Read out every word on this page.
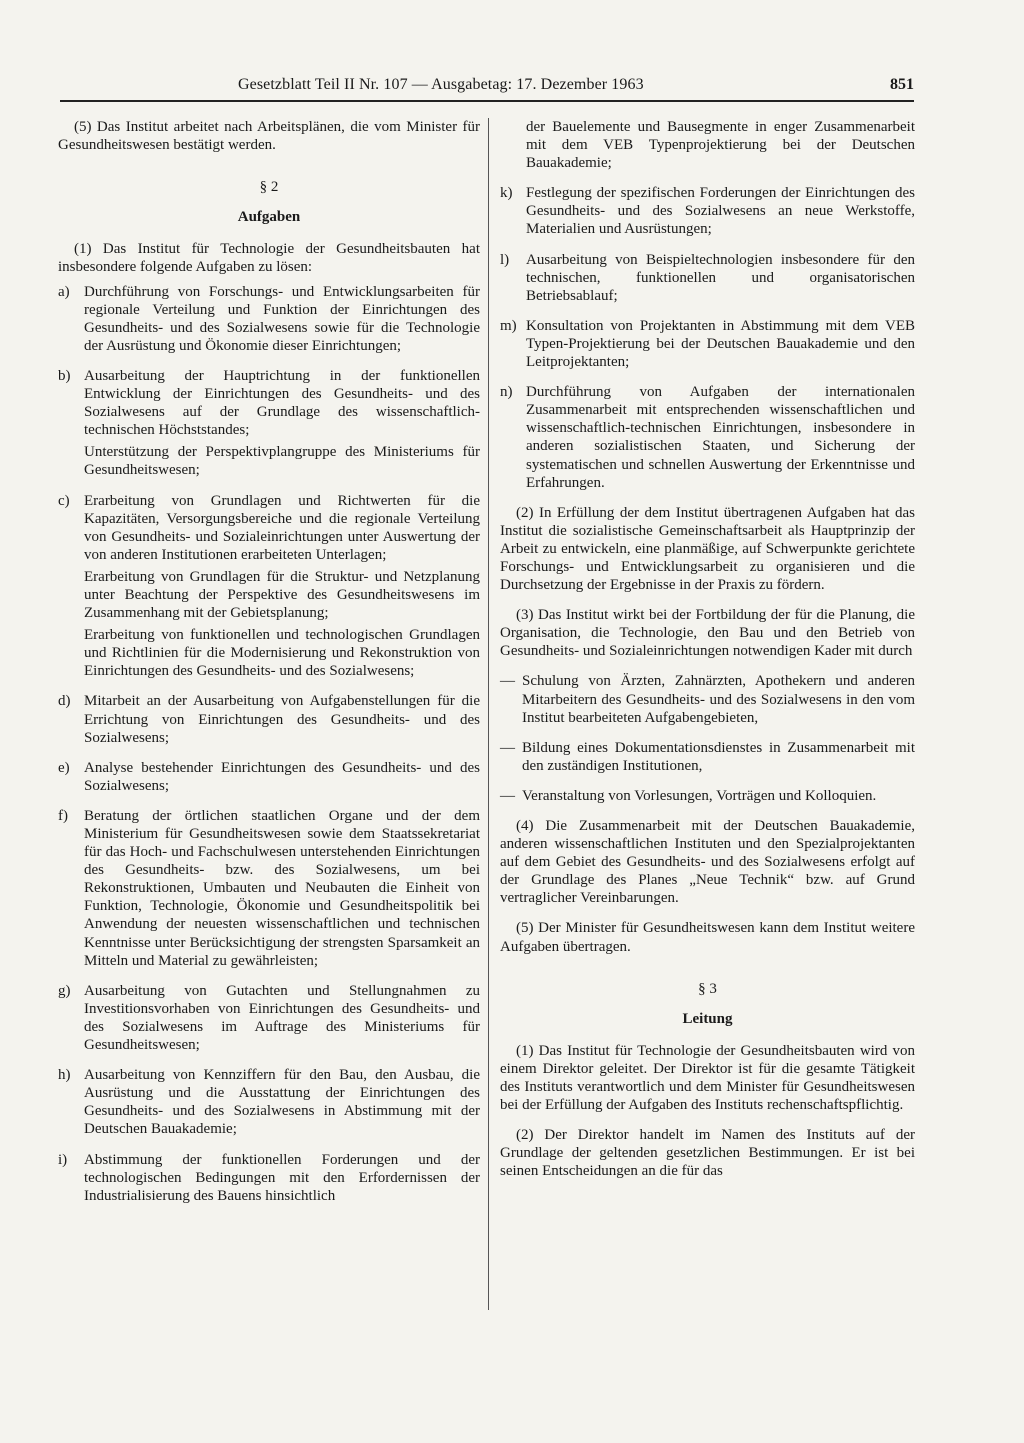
Gesetzblatt Teil II Nr. 107 — Ausgabetag: 17. Dezember 1963	851

(5) Das Institut arbeitet nach Arbeitsplänen, die vom Minister für Gesundheitswesen bestätigt werden.

§ 2
Aufgaben

(1) Das Institut für Technologie der Gesundheitsbauten hat insbesondere folgende Aufgaben zu lösen:

a) Durchführung von Forschungs- und Entwicklungsarbeiten für regionale Verteilung und Funktion der Einrichtungen des Gesundheits- und des Sozialwesens sowie für die Technologie der Ausrüstung und Ökonomie dieser Einrichtungen;
b) Ausarbeitung der Hauptrichtung in der funktionellen Entwicklung der Einrichtungen des Gesundheits- und des Sozialwesens auf der Grundlage des wissenschaftlich-technischen Höchststandes;

Unterstützung der Perspektivplangruppe des Ministeriums für Gesundheitswesen;

c) Erarbeitung von Grundlagen und Richtwerten für die Kapazitäten, Versorgungsbereiche und die regionale Verteilung von Gesundheits- und Sozialeinrichtungen unter Auswertung der von anderen Institutionen erarbeiteten Unterlagen;

Erarbeitung von Grundlagen für die Struktur- und Netzplanung unter Beachtung der Perspektive des Gesundheitswesens im Zusammenhang mit der Gebietsplanung;

Erarbeitung von funktionellen und technologischen Grundlagen und Richtlinien für die Modernisierung und Rekonstruktion von Einrichtungen des Gesundheits- und des Sozialwesens;

d) Mitarbeit an der Ausarbeitung von Aufgabenstellungen für die Errichtung von Einrichtungen des Gesundheits- und des Sozialwesens;
e) Analyse bestehender Einrichtungen des Gesundheits- und des Sozialwesens;
f)	Beratung der örtlichen staatlichen Organe und der dem Ministerium für Gesundheitswesen sowie dem Staatssekretariat für das Hoch- und Fachschulwesen unterstehenden Einrichtungen des Gesundheits- bzw. des Sozialwesens, um bei Rekonstruktionen, Umbauten und Neubauten die Einheit von Funktion, Technologie, Ökonomie und Gesundheitspolitik bei Anwendung der neuesten wissenschaftlichen und technischen Kenntnisse unter Berücksichtigung der strengsten Sparsamkeit an Mitteln und Material zu gewährleisten;
g) Ausarbeitung von Gutachten und Stellungnahmen zu Investitionsvorhaben von Einrichtungen des Gesundheits- und des Sozialwesens im Auftrage des Ministeriums für Gesundheitswesen;
h) Ausarbeitung von Kennziffern für den Bau, den Ausbau, die Ausrüstung und die Ausstattung der Einrichtungen des Gesundheits- und des Sozialwesens in Abstimmung mit der Deutschen Bauakademie;
i)	Abstimmung der funktionellen Forderungen und der technologischen Bedingungen mit den Erfordernissen der Industrialisierung des Bauens hinsichtlich

der Bauelemente und Bausegmente in enger Zusammenarbeit mit dem VEB Typenprojektierung bei der Deutschen Bauakademie;

k) Festlegung der spezifischen Forderungen der Einrichtungen des Gesundheits- und des Sozialwesens an neue Werkstoffe, Materialien und Ausrüstungen;
l)	Ausarbeitung von Beispieltechnologien insbesondere für den technischen, funktionellen und organisatorischen Betriebsablauf;
m) Konsultation von Projektanten in Abstimmung mit dem VEB Typen-Projektierung bei der Deutschen Bauakademie und den Leitprojektanten;
n) Durchführung von Aufgaben der internationalen Zusammenarbeit mit entsprechenden wissenschaftlichen und wissenschaftlich-technischen Einrichtungen, insbesondere in anderen sozialistischen Staaten, und Sicherung der systematischen und schnellen Auswertung der Erkenntnisse und Erfahrungen.

(2) In Erfüllung der dem Institut übertragenen Aufgaben hat das Institut die sozialistische Gemeinschaftsarbeit als Hauptprinzip der Arbeit zu entwickeln, eine planmäßige, auf Schwerpunkte gerichtete Forschungs- und Entwicklungsarbeit zu organisieren und die Durchsetzung der Ergebnisse in der Praxis zu fördern.

(3) Das Institut wirkt bei der Fortbildung der für die Planung, die Organisation, die Technologie, den Bau und den Betrieb von Gesundheits- und Sozialeinrichtungen notwendigen Kader mit durch

— Schulung von Ärzten, Zahnärzten, Apothekern und anderen Mitarbeitern des Gesundheits- und des Sozialwesens in den vom Institut bearbeiteten Aufgabengebieten,
— Bildung eines Dokumentationsdienstes in Zusammenarbeit mit den zuständigen Institutionen,
— Veranstaltung von Vorlesungen, Vorträgen und Kolloquien.

(4) Die Zusammenarbeit mit der Deutschen Bauakademie, anderen wissenschaftlichen Instituten und den Spezialprojektanten auf dem Gebiet des Gesundheits- und des Sozialwesens erfolgt auf der Grundlage des Planes „Neue Technik“ bzw. auf Grund vertraglicher Vereinbarungen.

(5) Der Minister für Gesundheitswesen kann dem Institut weitere Aufgaben übertragen.

§ 3
Leitung

(1) Das Institut für Technologie der Gesundheitsbauten wird von einem Direktor geleitet. Der Direktor ist für die gesamte Tätigkeit des Instituts verantwortlich und dem Minister für Gesundheitswesen bei der Erfüllung der Aufgaben des Instituts rechenschaftspflichtig.

(2) Der Direktor handelt im Namen des Instituts auf der Grundlage der geltenden gesetzlichen Bestimmungen. Er ist bei seinen Entscheidungen an die für das
